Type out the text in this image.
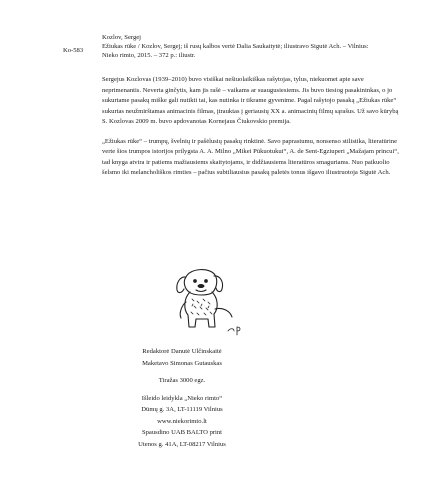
Ko-583
Kozlov, Sergej
Ežiukas rūke / Kozlov, Sergej; iš rusų kalbos vertė Dalia Saukaitytė; iliustravo Sigutė Ach. – Vilnius:
Nieko rimto, 2015. – 372 p.: iliustr.

Sergejus Kozlovas (1939–2010) buvo visiškai nešiuolaikiškas rašytojas, tylus, niekuomet apie save neprimenantis. Neverta ginčytis, kam jis rašė – vaikams ar suaugusiesiems. Jis buvo tiesiog pasakininkas, o jo sukurtame pasakų miške gali nutikti tai, kas nutinka ir tikrame gyvenime. Pagal rašytojo pasaką „Ežiukas rūke“ sukurtas neužmirštamas animacinis filmas, įtrauktas į geriausių XX a. animacinių filmų sąrašus. Už savo kūrybą S. Kozlovas 2009 m. buvo apdovanotas Kornejaus Čiukovskio premija.

„Ežiukas rūke“ – trumpų, švelnių ir pašėlusių pasakų rinktinė. Savo paprastumu, nonsenso stilistika, literatūrine verte šios trumpos istorijos prilygsta A. A. Milno „Mikei Pūkuotukui“, A. de Sent-Egziuperi „Mažajam princui“, tad knyga atvira ir patiems mažiausiems skaitytojams, ir didžiausiems literatūros smaguriams. Nuo paikuolio šelsmo iki melancholiškos rimties – pačius subtiliausius pasakų paletės tonus išgavo iliustruotoja Sigutė Ach.

Redaktorė Danutė Ulčinskaitė
Maketavo Simonas Gutauskas
Tiražas 3000 egz.
Išleido leidykla „Nieko rimto“
Dūmų g. 3A, LT-11119 Vilnius
www.niekorimto.lt
Spausdino UAB BALTO print
Utenos g. 41A, LT-08217 Vilnius
